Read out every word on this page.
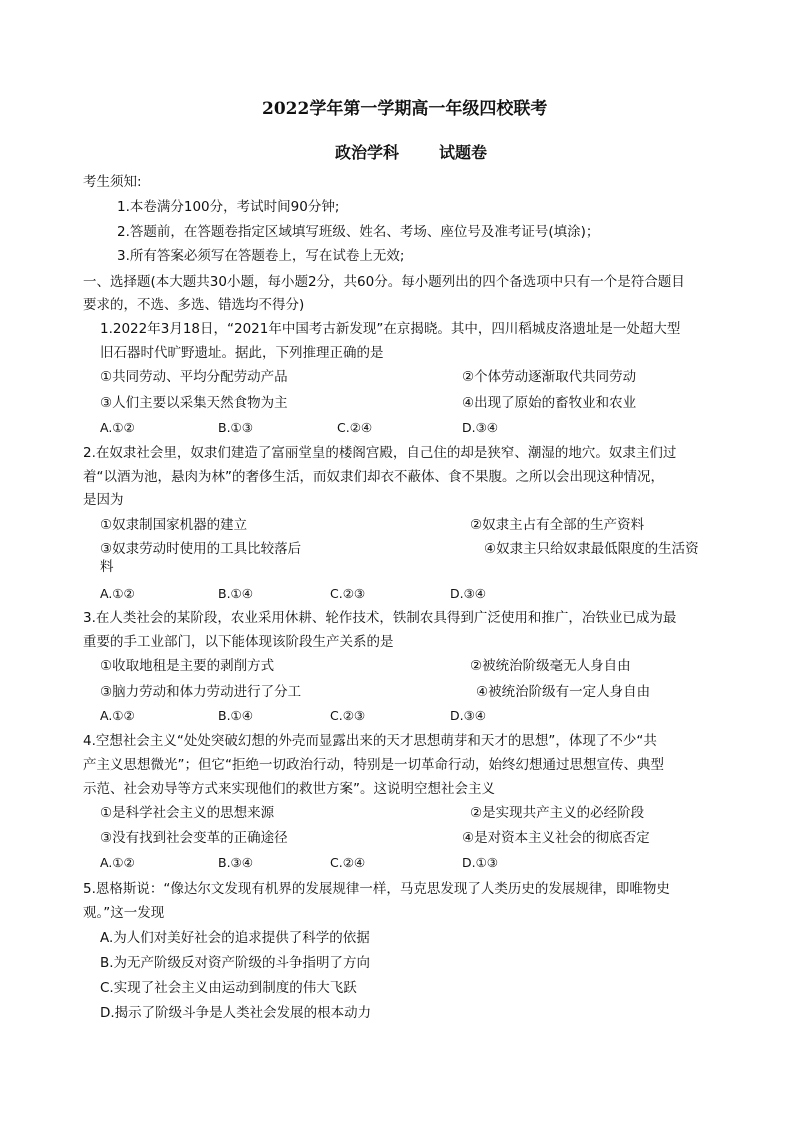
2022学年第一学期高一年级四校联考
政治学科	试题卷
考生须知:
1.本卷满分100分，考试时间90分钟;
2.答题前，在答题卷指定区域填写班级、姓名、考场、座位号及准考证号(填涂)；
3.所有答案必须写在答题卷上，写在试卷上无效;
一、选择题(本大题共30小题，每小题2分，共60分。每小题列出的四个备选项中只有一个是符合题目
要求的，不选、多选、错选均不得分)
1.2022年3月18日，“2021年中国考古新发现”在京揭晓。其中，四川稻城皮洛遗址是一处超大型
旧石器时代旷野遗址。据此，下列推理正确的是
①共同劳动、平均分配劳动产品	②个体劳动逐渐取代共同劳动
③人们主要以采集天然食物为主	④出现了原始的畜牧业和农业
A.①②	B.①③	C.②④	D.③④
2.在奴隶社会里，奴隶们建造了富丽堂皇的楼阁宫殿，自己住的却是狭窄、潮湿的地穴。奴隶主们过
着“以酒为池，悬肉为林”的奢侈生活，而奴隶们却衣不蔽体、食不果腹。之所以会出现这种情况，
是因为
①奴隶制国家机器的建立	②奴隶主占有全部的生产资料
③奴隶劳动时使用的工具比较落后	④奴隶主只给奴隶最低限度的生活资
料
A.①②	B.①④	C.②③	D.③④
3.在人类社会的某阶段，农业采用休耕、轮作技术，铁制农具得到广泛使用和推广，冶铁业已成为最
重要的手工业部门，以下能体现该阶段生产关系的是
①收取地租是主要的剥削方式	②被统治阶级毫无人身自由
③脑力劳动和体力劳动进行了分工	④被统治阶级有一定人身自由
A.①②	B.①④	C.②③	D.③④
4.空想社会主义“处处突破幻想的外壳而显露出来的天才思想萌芽和天才的思想”，体现了不少“共
产主义思想微光”；但它“拒绝一切政治行动，特别是一切革命行动，始终幻想通过思想宣传、典型
示范、社会劝导等方式来实现他们的救世方案”。这说明空想社会主义
①是科学社会主义的思想来源	②是实现共产主义的必经阶段
③没有找到社会变革的正确途径	④是对资本主义社会的彻底否定
A.①②	B.③④	C.②④	D.①③
5.恩格斯说：“像达尔文发现有机界的发展规律一样，马克思发现了人类历史的发展规律，即唯物史
观。”这一发现
A.为人们对美好社会的追求提供了科学的依据
B.为无产阶级反对资产阶级的斗争指明了方向
C.实现了社会主义由运动到制度的伟大飞跃
D.揭示了阶级斗争是人类社会发展的根本动力
